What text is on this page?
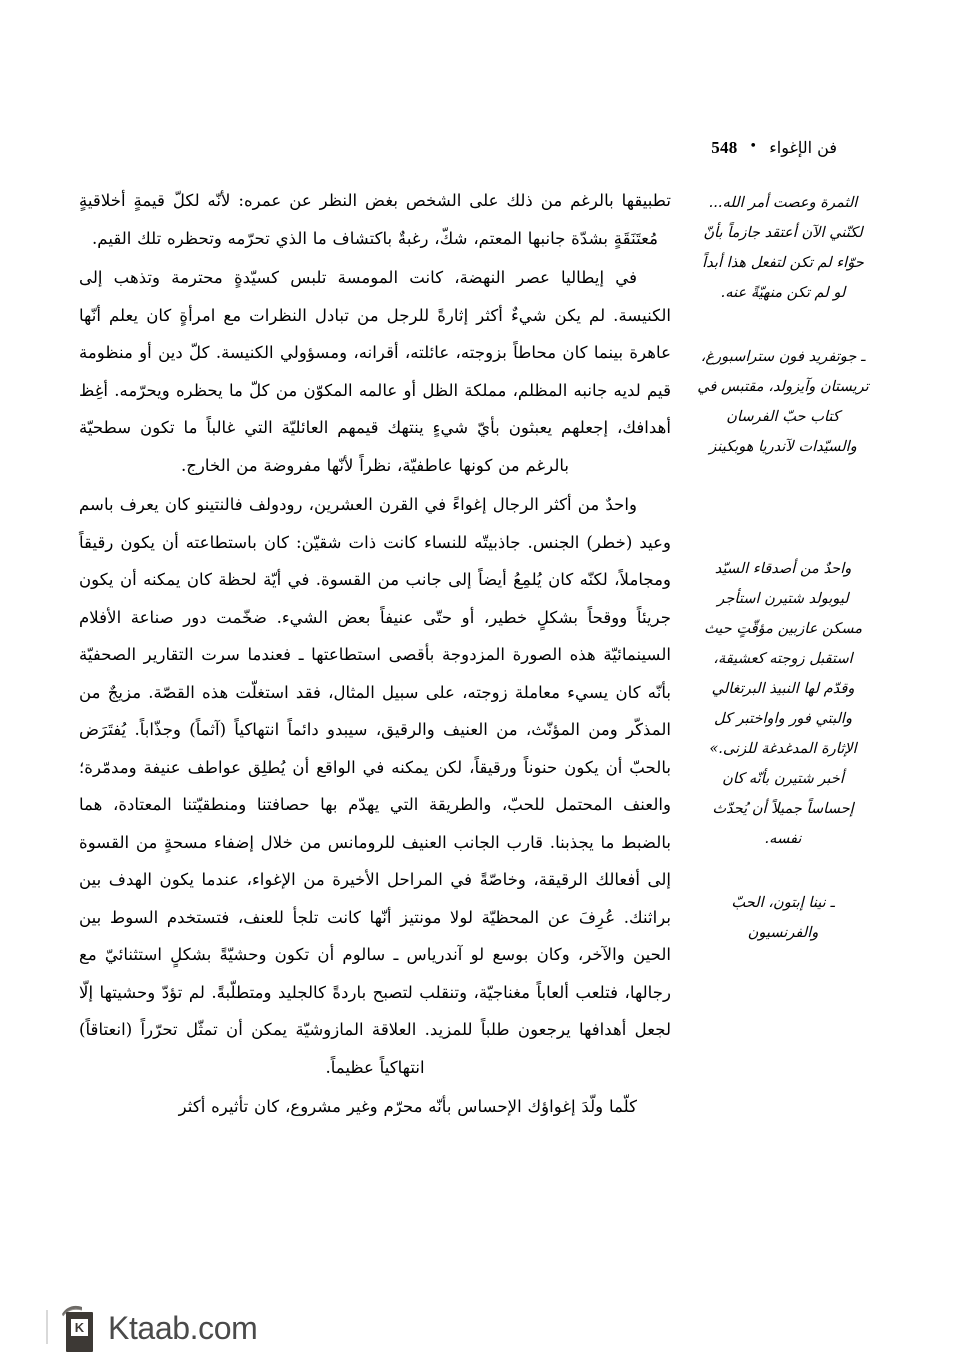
فن الإغواء
•
548

الثمرة وعصت أمر الله... لكنّني الآن أعتقد جازماً بأنّ حوّاء لم تكن لتفعل هذا أبداً لو لم تكن منهيّةً عنه.

ـ جوتفريد فون ستراسبورغ، تريستان وآيزولد، مقتبس في كتاب حبّ الفرسان والسيّدات لآندريا هوبكينز

واحدٌ من أصدقاء السيّد ليوبولد شتيرن استأجر مسكن عازبين مؤقّتٍ حيث استقبل زوجته كعشيقة، وقدّم لها النبيذ البرتغالي والبتي فور واواختبر كل الإثارة المدغدغة للزنى.» أخبر شتيرن بأنّه كان إحساساً جميلاً أن يُحدّث نفسه.

ـ نينا إبتون، الحبّ والفرنسيون

تطبيقها بالرغم من ذلك على الشخص بغض النظر عن عمره: لأنّه لكلّ قيمةٍ أخلاقيةٍ مُعتَنَقَةٍ بشدّة جانبها المعتم، شكّ، رغبةٌ باكتشاف ما الذي تحرّمه وتحظره تلك القيم.

في إيطاليا عصر النهضة، كانت المومسة تلبس كسيّدةٍ محترمة وتذهب إلى الكنيسة. لم يكن شيءٌ أكثر إثارةً للرجل من تبادل النظرات مع امرأةٍ كان يعلم أنّها عاهرة بينما كان محاطاً بزوجته، عائلته، أقرانه، ومسؤولي الكنيسة. كلّ دين أو منظومة قيم لديه جانبه المظلم، مملكة الظل أو عالمه المكوّن من كلّ ما يحظره ويحرّمه. أغِظ أهدافك، إجعلهم يعبثون بأيّ شيءٍ ينتهك قيمهم العائليّة التي غالباً ما تكون سطحيّة بالرغم من كونها عاطفيّة، نظراً لأنّها مفروضة من الخارج.

واحدٌ من أكثر الرجال إغواءً في القرن العشرين، رودولف فالنتينو كان يعرف باسم وعيد (خطر) الجنس. جاذبيتّه للنساء كانت ذات شقيّن: كان باستطاعته أن يكون رقيقاً ومجاملاً، لكنّه كان يُلمِعُ أيضاً إلى جانب من القسوة. في أيّة لحظة كان يمكنه أن يكون جريئاً ووقحاً بشكلٍ خطير، أو حتّى عنيفاً بعض الشيء. ضخّمت دور صناعة الأفلام السينمائيّة هذه الصورة المزدوجة بأقصى استطاعتها ـ فعندما سرت التقارير الصحفيّة بأنّه كان يسيء معاملة زوجته، على سبيل المثال، فقد استغلّت هذه القصّة. مزيجٌ من المذكّر ومن المؤنّث، من العنيف والرقيق، سيبدو دائماً انتهاكياً (آثماً) وجذّاباً. يُفتَرَض بالحبّ أن يكون حنوناً ورقيقاً، لكن يمكنه في الواقع أن يُطلِق عواطف عنيفة ومدمّرة؛ والعنف المحتمل للحبّ، والطريقة التي يهدّم بها حصافتنا ومنطقيّتنا المعتادة، هما بالضبط ما يجذبنا. قارب الجانب العنيف للرومانس من خلال إضفاء مسحةٍ من القسوة إلى أفعالك الرقيقة، وخاصّةً في المراحل الأخيرة من الإغواء، عندما يكون الهدف بين براثنك. عُرِفَ عن المحظيّة لولا مونتيز أنّها كانت تلجأ للعنف، فتستخدم السوط بين الحين والآخر، وكان بوسع لو آندرياس ـ سالوم أن تكون وحشيّةً بشكلٍ استثنائيّ مع رجالها، فتلعب ألعاباً مغناجيّة، وتنقلب لتصبح باردةً كالجليد ومتطلّبةً. لم تؤدّ وحشيتها إلّا لجعل أهدافها يرجعون طلباً للمزيد. العلاقة المازوشيّة يمكن أن تمثّل تحرّراً (انعتاقاً) انتهاكياً عظيماً.

كلّما ولّدَ إغواؤك الإحساس بأنّه محرّم وغير مشروع، كان تأثيره أكثر

K Ktaab.com
